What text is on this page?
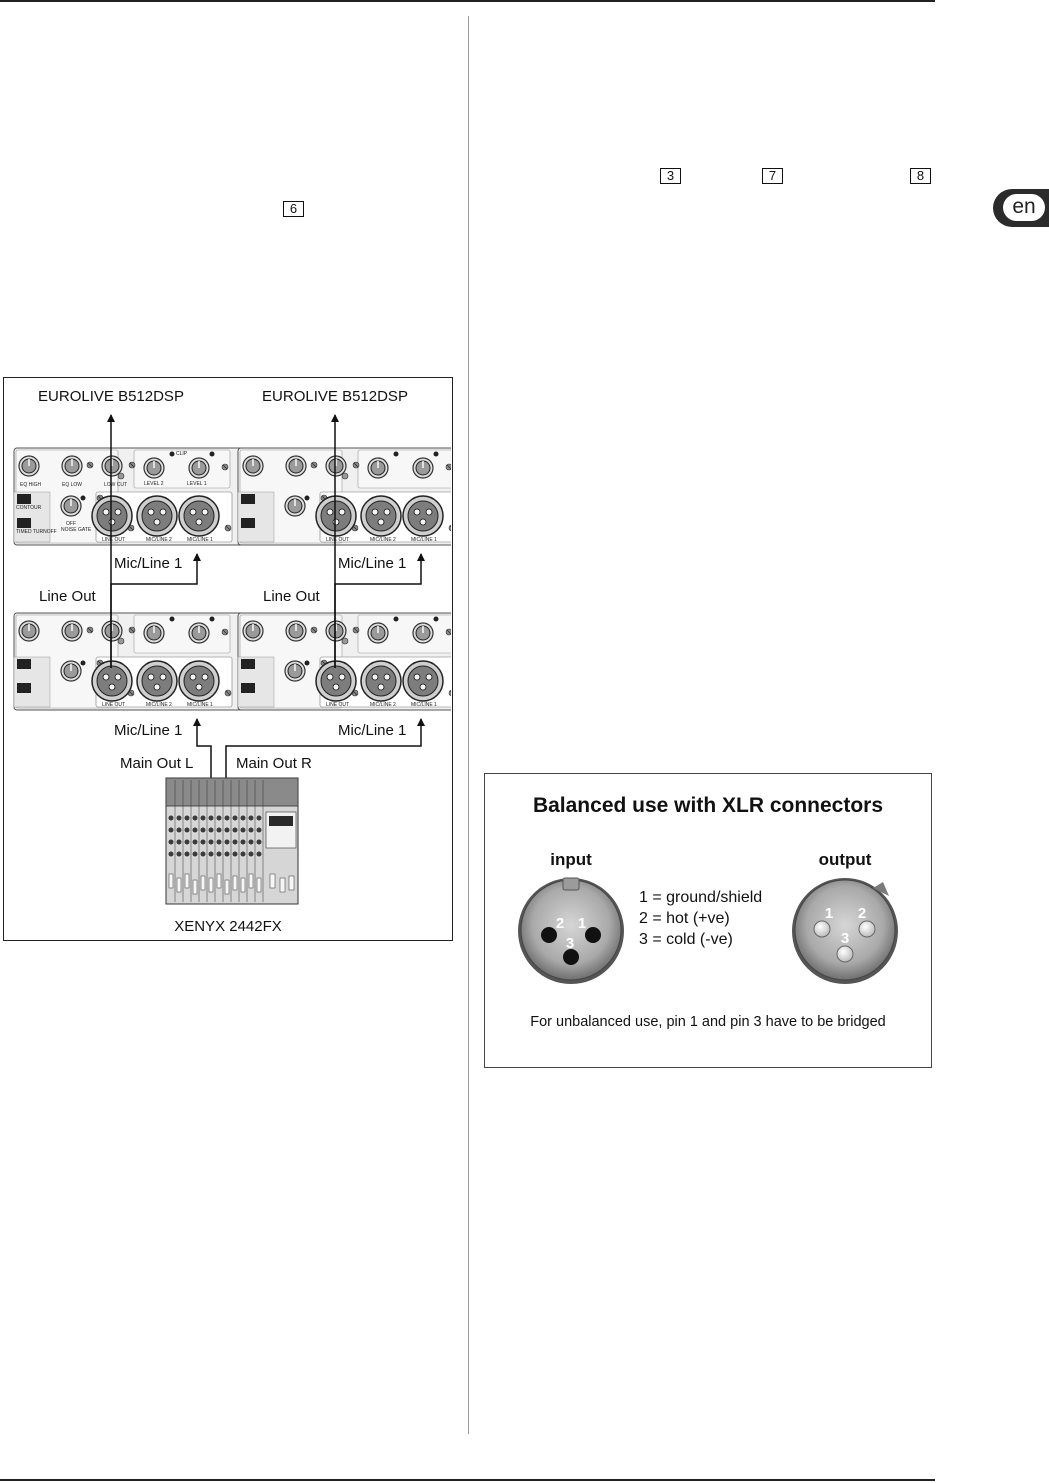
6
3	7	8
en
EUROLIVE B512DSP	EUROLIVE B512DSP
EQ HIGH	EQ LOW	LOW CUT	LEVEL 2	LEVEL 1
CONTOUR
TIMED TURNOFF NOISE GATE
LINE OUT	MIC/LINE 2	MIC/LINE 1
CLIP
OFF
LINE OUT	MIC/LINE 2	MIC/LINE 1
LINE OUT	MIC/LINE 2	MIC/LINE 1	LINE OUT	MIC/LINE 2	MIC/LINE 1
Mic/Line 1	Mic/Line 1
Line Out	Line Out
Mic/Line 1	Mic/Line 1
Main Out L	Main Out R
XENYX 2442FX
Balanced use with XLR connectors
input	output
2 1
3
1 = ground/shield
2 = hot (+ve)
3 = cold (-ve)
1 2
3
For unbalanced use, pin 1 and pin 3 have to be bridged
